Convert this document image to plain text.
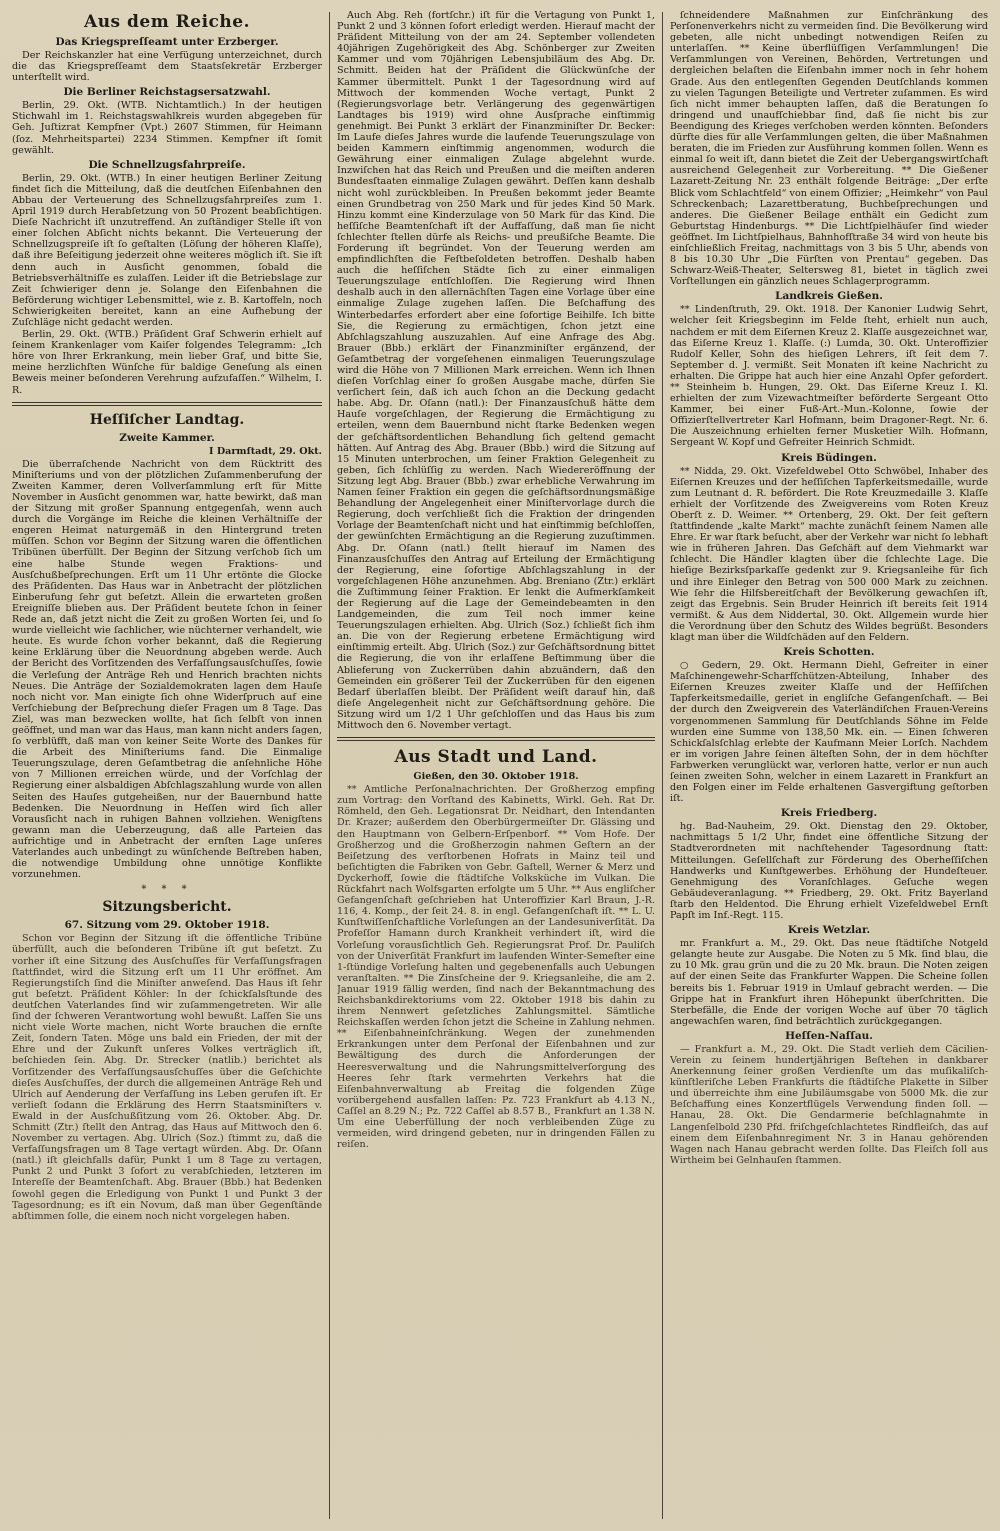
Aus dem Reiche.
Das Kriegspreſſeamt unter Erzberger.

Der Reichskanzler hat eine Verfügung unterzeichnet, durch die das Kriegspreſſeamt dem Staatsſekretär Erzberger unterſtellt wird.

Die Berliner Reichstagsersatzwahl.

Berlin, 29. Okt. (WTB. Nichtamtlich.) In der heutigen Stichwahl im 1. Reichstagswahlkreis wurden abgegeben für Geh. Juſtizrat Kempfner (Vpt.) 2607 Stimmen, für Heimann (ſoz. Mehrheitspartei) 2234 Stimmen. Kempfner iſt ſomit gewählt.

Die Schnellzugsfahrpreiſe.

Berlin, 29. Okt. (WTB.) In einer heutigen Berliner Zeitung findet ſich die Mitteilung, daß die deutſchen Eiſenbahnen den Abbau der Verteuerung des Schnellzugsfahrpreiſes zum 1. April 1919 durch Herabſetzung von 50 Prozent beabſichtigen. Dieſe Nachricht iſt unzutreffend. An zuſtändiger Stelle iſt von einer ſolchen Abſicht nichts bekannt. Die Verteuerung der Schnellzugspreiſe iſt ſo geſtalten (Löſung der höheren Klaſſe), daß ihre Beſeitigung jederzeit ohne weiteres möglich iſt. Sie iſt denn auch in Ausſicht genommen, ſobald die Betriebsverhältniſſe es zulaſſen. Leider iſt die Betriebslage zur Zeit ſchwieriger denn je. Solange den Eiſenbahnen die Beförderung wichtiger Lebensmittel, wie z. B. Kartoffeln, noch Schwierigkeiten bereitet, kann an eine Aufhebung der Zuſchläge nicht gedacht werden.

Berlin, 29. Okt. (WTB.) Präſident Graf Schwerin erhielt auf ſeinem Krankenlager vom Kaiſer folgendes Telegramm: „Ich höre von Ihrer Erkrankung, mein lieber Graf, und bitte Sie, meine herzlichſten Wünſche für baldige Geneſung als einen Beweis meiner beſonderen Verehrung aufzufaſſen.“ Wilhelm, I. R.

Heſſiſcher Landtag.
Zweite Kammer.
I Darmſtadt, 29. Okt.

Die überraſchende Nachricht von dem Rücktritt des Miniſteriums und von der plötzlichen Zuſammenberufung der Zweiten Kammer, deren Vollverſammlung erſt für Mitte November in Ausſicht genommen war, hatte bewirkt, daß man der Sitzung mit großer Spannung entgegenſah, wenn auch durch die Vorgänge im Reiche die kleinen Verhältniſſe der engeren Heimat naturgemäß in den Hintergrund treten müſſen. Schon vor Beginn der Sitzung waren die öffentlichen Tribünen überfüllt. Der Beginn der Sitzung verſchob ſich um eine halbe Stunde wegen Fraktions- und Ausſchußbeſprechungen. Erſt um 11 Uhr ertönte die Glocke des Präſidenten. Das Haus war in Anbetracht der plötzlichen Einberufung ſehr gut beſetzt. Allein die erwarteten großen Ereigniſſe blieben aus. Der Präſident beutete ſchon in ſeiner Rede an, daß jetzt nicht die Zeit zu großen Worten ſei, und ſo wurde vielleicht wie ſachlicher, wie nüchterner verhandelt, wie heute. Es wurde ſchon vorher bekannt, daß die Regierung keine Erklärung über die Neuordnung abgeben werde. Auch der Bericht des Vorſitzenden des Verfaſſungsausſchuſſes, ſowie die Verleſung der Anträge Reh und Henrich brachten nichts Neues. Die Anträge der Sozialdemokraten lagen dem Hauſe noch nicht vor. Man einigte ſich ohne Widerſpruch auf eine Verſchiebung der Beſprechung dieſer Fragen um 8 Tage. Das Ziel, was man bezwecken wollte, hat ſich ſelbſt von innen geöffnet, und man war das Haus, man kann nicht anders ſagen, ſo verblüfft, daß man von keiner Seite Worte des Dankes für die Arbeit des Miniſteriums fand. Die Einmalige Teuerungszulage, deren Geſamtbetrag die anſehnliche Höhe von 7 Millionen erreichen würde, und der Vorſchlag der Regierung einer alsbaldigen Abſchlagszahlung wurde von allen Seiten des Hauſes gutgeheißen, nur der Bauernbund hatte Bedenken. Die Neuordnung in Heſſen wird ſich aller Vorausſicht nach in ruhigen Bahnen vollziehen. Wenigſtens gewann man die Ueberzeugung, daß alle Parteien das aufrichtige und in Anbetracht der ernſten Lage unſeres Vaterlandes auch unbedingt zu wünſchende Beſtreben haben, die notwendige Umbildung ohne unnötige Konflikte vorzunehmen.

* * *
Sitzungsbericht.
67. Sitzung vom 29. Oktober 1918.

Schon vor Beginn der Sitzung iſt die öffentliche Tribüne überfüllt, auch die beſonderen Tribüne iſt gut beſetzt. Zu vorher iſt eine Sitzung des Ausſchuſſes für Verfaſſungsfragen ſtattfindet, wird die Sitzung erſt um 11 Uhr eröffnet. Am Regierungstiſch ſind die Miniſter anweſend. Das Haus iſt ſehr gut beſetzt. Präſident Köhler: In der ſchickſalsſtunde des deutſchen Vaterlandes ſind wir zuſammengetreten. Wir alle ſind der ſchweren Verantwortung wohl bewußt. Laſſen Sie uns nicht viele Worte machen, nicht Worte brauchen die ernſte Zeit, ſondern Taten. Möge uns bald ein Frieden, der mit der Ehre und der Zukunft unſeres Volkes verträglich iſt, beſchieden ſein. Abg. Dr. Strecker (natlib.) berichtet als Vorſitzender des Verfaſſungsausſchuſſes über die Geſchichte dieſes Ausſchuſſes, der durch die allgemeinen Anträge Reh und Ulrich auf Aenderung der Verfaſſung ins Leben gerufen iſt. Er verlieſt ſodann die Erklärung des Herrn Staatsminiſters v. Ewald in der Ausſchußſitzung vom 26. Oktober. Abg. Dr. Schmitt (Ztr.) ſtellt den Antrag, das Haus auf Mittwoch den 6. November zu vertagen. Abg. Ulrich (Soz.) ſtimmt zu, daß die Verfaſſungsfragen um 8 Tage vertagt würden. Abg. Dr. Oſann (natl.) iſt gleichfalls dafür, Punkt 1 um 8 Tage zu vertagen, Punkt 2 und Punkt 3 ſofort zu verabſchieden, letzteren im Intereſſe der Beamtenſchaft. Abg. Brauer (Bbb.) hat Bedenken ſowohl gegen die Erledigung von Punkt 1 und Punkt 3 der Tagesordnung; es iſt ein Novum, daß man über Gegenſtände abſtimmen ſolle, die einem noch nicht vorgelegen haben.

Auch Abg. Reh (fortſchr.) iſt für die Vertagung von Punkt 1, Punkt 2 und 3 können ſofort erledigt werden. Hierauf macht der Präſident Mitteilung von der am 24. September vollendeten 40jährigen Zugehörigkeit des Abg. Schönberger zur Zweiten Kammer und vom 70jährigen Lebensjubiläum des Abg. Dr. Schmitt. Beiden hat der Präſident die Glückwünſche der Kammer übermittelt. Punkt 1 der Tagesordnung wird auf Mittwoch der kommenden Woche vertagt, Punkt 2 (Regierungsvorlage betr. Verlängerung des gegenwärtigen Landtages bis 1919) wird ohne Ausſprache einſtimmig genehmigt. Bei Punkt 3 erklärt der Finanzminiſter Dr. Becker: Im Laufe dieſes Jahres wurde die laufende Teuerungszulage von beiden Kammern einſtimmig angenommen, wodurch die Gewährung einer einmaligen Zulage abgelehnt wurde. Inzwiſchen hat das Reich und Preußen und die meiſten anderen Bundesſtaaten einmalige Zulagen gewährt. Deſſen kann deshalb nicht wohl zurückbleiben. In Preußen bekommt jeder Beamte einen Grundbetrag von 250 Mark und für jedes Kind 50 Mark. Hinzu kommt eine Kinderzulage von 50 Mark für das Kind. Die heſſiſche Beamtenſchaft iſt der Auffaſſung, daß man ſie nicht ſchlechter ſtellen dürfe als Reichs- und preußiſche Beamte. Die Forderung iſt begründet. Von der Teuerung werden am empfindlichſten die Feſtbeſoldeten betroffen. Deshalb haben auch die heſſiſchen Städte ſich zu einer einmaligen Teuerungszulage entſchloſſen. Die Regierung wird Ihnen deshalb auch in den allernächſten Tagen eine Vorlage über eine einmalige Zulage zugehen laſſen. Die Beſchaffung des Winterbedarfes erfordert aber eine ſofortige Beihilfe. Ich bitte Sie, die Regierung zu ermächtigen, ſchon jetzt eine Abſchlagszahlung auszuzahlen. Auf eine Anfrage des Abg. Brauer (Bbb.) erklärt der Finanzminiſter ergänzend, der Geſamtbetrag der vorgeſehenen einmaligen Teuerungszulage wird die Höhe von 7 Millionen Mark erreichen. Wenn ich Ihnen dieſen Vorſchlag einer ſo großen Ausgabe mache, dürfen Sie verſichert ſein, daß ich auch ſchon an die Deckung gedacht habe. Abg. Dr. Oſann (natl.): Der Finanzausſchuß hätte dem Hauſe vorgeſchlagen, der Regierung die Ermächtigung zu erteilen, wenn dem Bauernbund nicht ſtarke Bedenken wegen der geſchäftsordentlichen Behandlung ſich geltend gemacht hätten. Auf Antrag des Abg. Brauer (Bbb.) wird die Sitzung auf 15 Minuten unterbrochen, um ſeiner Fraktion Gelegenheit zu geben, ſich ſchlüſſig zu werden. Nach Wiedereröffnung der Sitzung legt Abg. Brauer (Bbb.) zwar erhebliche Verwahrung im Namen ſeiner Fraktion ein gegen die geſchäftsordnungsmäßige Behandlung der Angelegenheit einer Miniſtervorlage durch die Regierung, doch verſchließt ſich die Fraktion der dringenden Vorlage der Beamtenſchaft nicht und hat einſtimmig beſchloſſen, der gewünſchten Ermächtigung an die Regierung zuzuſtimmen. Abg. Dr. Oſann (natl.) ſtellt hierauf im Namen des Finanzausſchuſſes den Antrag auf Erteilung der Ermächtigung der Regierung, eine ſofortige Abſchlagszahlung in der vorgeſchlagenen Höhe anzunehmen. Abg. Breniano (Ztr.) erklärt die Zuſtimmung ſeiner Fraktion. Er lenkt die Aufmerkſamkeit der Regierung auf die Lage der Gemeindebeamten in den Landgemeinden, die zum Teil noch immer keine Teuerungszulagen erhielten. Abg. Ulrich (Soz.) ſchließt ſich ihm an. Die von der Regierung erbetene Ermächtigung wird einſtimmig erteilt. Abg. Ulrich (Soz.) zur Geſchäftsordnung bittet die Regierung, die von ihr erlaſſene Beſtimmung über die Ablieferung von Zuckerrüben dahin abzuändern, daß den Gemeinden ein größerer Teil der Zuckerrüben für den eigenen Bedarf überlaſſen bleibt. Der Präſident weiſt darauf hin, daß dieſe Angelegenheit nicht zur Geſchäftsordnung gehöre. Die Sitzung wird um 1/2 1 Uhr geſchloſſen und das Haus bis zum Mittwoch den 6. November vertagt.

Aus Stadt und Land.
Gießen, den 30. Oktober 1918.

** Amtliche Perſonalnachrichten. Der Großherzog empfing zum Vortrag: den Vorſtand des Kabinetts, Wirkl. Geh. Rat Dr. Römheld, den Geh. Legationsrat Dr. Neidhart, den Intendanten Dr. Krazer; außerdem den Oberbürgermeiſter Dr. Glässing und den Hauptmann von Gelbern-Erſpenborf. ** Vom Hofe. Der Großherzog und die Großherzogin nahmen Geſtern an der Beiſetzung des verſtorbenen Hofrats in Mainz teil und beſichtigten die Fabriken von Gebr. Gaſtell, Werner & Merz und Dyckerhoff, ſowie die ſtädtiſche Volksküche im Vulkan. Die Rückfahrt nach Wolfsgarten erfolgte um 5 Uhr. ** Aus engliſcher Gefangenſchaft geſchrieben hat Unteroffizier Karl Braun, J.-R. 116, 4. Komp., der ſeit 24. 8. in engl. Gefangenſchaft iſt. ** L. U. Kunſtwiſſenſchaftliche Vorleſungen an der Landesuniverſität. Da Profeſſor Hamann durch Krankheit verhindert iſt, wird die Vorleſung vorausſichtlich Geh. Regierungsrat Prof. Dr. Pauliſch von der Univerſität Frankfurt im laufenden Winter-Semeſter eine 1-ſtündige Vorleſung halten und gegebenenfalls auch Uebungen veranſtalten. ** Die Zinsſcheine der 9. Kriegsanleihe, die am 2. Januar 1919 fällig werden, ſind nach der Bekanntmachung des Reichsbankdirektoriums vom 22. Oktober 1918 bis dahin zu ihrem Nennwert geſetzliches Zahlungsmittel. Sämtliche Reichskaſſen werden ſchon jetzt die Scheine in Zahlung nehmen. ** Eiſenbahneinſchränkung. Wegen der zunehmenden Erkrankungen unter dem Perſonal der Eiſenbahnen und zur Bewältigung des durch die Anforderungen der Heeresverwaltung und die Nahrungsmittelverſorgung des Heeres ſehr ſtark vermehrten Verkehrs hat die Eiſenbahnverwaltung ab Freitag die folgenden Züge vorübergehend ausfallen laſſen: Pz. 723 Frankfurt ab 4.13 N., Caſſel an 8.29 N.; Pz. 722 Caſſel ab 8.57 B., Frankfurt an 1.38 N. Um eine Ueberfüllung der noch verbleibenden Züge zu vermeiden, wird dringend gebeten, nur in dringenden Fällen zu reiſen.

ſchneidendere Maßnahmen zur Einſchränkung des Perſonenverkehrs nicht zu vermeiden ſind. Die Bevölkerung wird gebeten, alle nicht unbedingt notwendigen Reiſen zu unterlaſſen. ** Keine überflüſſigen Verſammlungen! Die Verſammlungen von Vereinen, Behörden, Vertretungen und dergleichen belaſten die Eiſenbahn immer noch in ſehr hohem Grade. Aus den entlegenſten Gegenden Deutſchlands kommen zu vielen Tagungen Beteiligte und Vertreter zuſammen. Es wird ſich nicht immer behaupten laſſen, daß die Beratungen ſo dringend und unaufſchiebbar ſind, daß ſie nicht bis zur Beendigung des Krieges verſchoben werden könnten. Beſonders dürfte dies für alle Verſammlungen gelten, die über Maßnahmen beraten, die im Frieden zur Ausführung kommen ſollen. Wenn es einmal ſo weit iſt, dann bietet die Zeit der Uebergangswirtſchaft ausreichend Gelegenheit zur Vorbereitung. ** Die Gießener Lazarett-Zeitung Nr. 23 enthält folgende Beiträge: „Der erſte Blick vom Schlachtfeld“ von einem Offizier; „Heimkehr“ von Paul Schreckenbach; Lazarettberatung, Buchbeſprechungen und anderes. Die Gießener Beilage enthält ein Gedicht zum Geburtstag Hindenburgs. ** Die Lichtſpielhäuſer ſind wieder geöffnet. Im Lichtſpielhaus, Bahnhofſtraße 34 wird von heute bis einſchließlich Freitag, nachmittags von 3 bis 5 Uhr, abends von 8 bis 10.30 Uhr „Die Fürſten von Prentau“ gegeben. Das Schwarz-Weiß-Theater, Seltersweg 81, bietet in täglich zwei Vorſtellungen ein gänzlich neues Schlagerprogramm.

Landkreis Gießen.

** Lindenſtruth, 29. Okt. 1918. Der Kanonier Ludwig Sehrt, welcher ſeit Kriegsbeginn im Felde ſteht, erhielt nun auch, nachdem er mit dem Eiſernen Kreuz 2. Klaſſe ausgezeichnet war, das Eiſerne Kreuz 1. Klaſſe. (:) Lumda, 30. Okt. Unteroffizier Rudolf Keller, Sohn des hieſigen Lehrers, iſt ſeit dem 7. September d. J. vermißt. Seit Monaten iſt keine Nachricht zu erhalten. Die Grippe hat auch hier eine Anzahl Opfer gefordert. ** Steinheim b. Hungen, 29. Okt. Das Eiſerne Kreuz I. Kl. erhielten der zum Vizewachtmeiſter beförderte Sergeant Otto Kammer, bei einer Fuß-Art.-Mun.-Kolonne, ſowie der Offizierſtellvertreter Karl Hofmann, beim Dragoner-Regt. Nr. 6. Die Auszeichnung erhielten ferner Musketier Wilh. Hofmann, Sergeant W. Kopf und Gefreiter Heinrich Schmidt.

Kreis Büdingen.

** Nidda, 29. Okt. Vizefeldwebel Otto Schwöbel, Inhaber des Eiſernen Kreuzes und der heſſiſchen Tapferkeitsmedaille, wurde zum Leutnant d. R. befördert. Die Rote Kreuzmedaille 3. Klaſſe erhielt der Vorſitzende des Zweigvereins vom Roten Kreuz Oberſt z. D. Weimer. ** Ortenberg, 29. Okt. Der ſeit geſtern ſtattfindende „kalte Markt“ machte zunächſt ſeinem Namen alle Ehre. Er war ſtark beſucht, aber der Verkehr war nicht ſo lebhaft wie in früheren Jahren. Das Geſchäft auf dem Viehmarkt war ſchlecht. Die Händler klagten über die ſchlechte Lage. Die hieſige Bezirksſparkaſſe gedenkt zur 9. Kriegsanleihe für ſich und ihre Einleger den Betrag von 500 000 Mark zu zeichnen. Wie ſehr die Hilfsbereitſchaft der Bevölkerung gewachſen iſt, zeigt das Ergebnis. Sein Bruder Heinrich iſt bereits ſeit 1914 vermißt. & Aus dem Niddertal, 30. Okt. Allgemein wurde hier die Verordnung über den Schutz des Wildes begrüßt. Besonders klagt man über die Wildſchäden auf den Feldern.

Kreis Schotten.

○ Gedern, 29. Okt. Hermann Diehl, Gefreiter in einer Maſchinengewehr-Scharfſchützen-Abteilung, Inhaber des Eiſernen Kreuzes zweiter Klaſſe und der Heſſiſchen Tapferkeitsmedaille, geriet in engliſche Gefangenſchaft. — Bei der durch den Zweigverein des Vaterländiſchen Frauen-Vereins vorgenommenen Sammlung für Deutſchlands Söhne im Felde wurden eine Summe von 138,50 Mk. ein. — Einen ſchweren Schickſalsſchlag erlebte der Kaufmann Meier Lorſch. Nachdem er im vorigen Jahre ſeinen älteſten Sohn, der in dem höchſter Farbwerken verunglückt war, verloren hatte, verlor er nun auch ſeinen zweiten Sohn, welcher in einem Lazarett in Frankfurt an den Folgen einer im Felde erhaltenen Gasvergiftung geſtorben iſt.

Kreis Friedberg.

hg. Bad-Nauheim, 29. Okt. Dienstag den 29. Oktober, nachmittags 5 1/2 Uhr, findet eine öffentliche Sitzung der Stadtverordneten mit nachſtehender Tagesordnung ſtatt: Mitteilungen. Geſellſchaft zur Förderung des Oberheſſiſchen Handwerks und Kunſtgewerbes. Erhöhung der Hundeſteuer. Genehmigung des Voranſchlages. Geſuche wegen Gebäudeveranlagung. ** Friedberg, 29. Okt. Fritz Bayerland ſtarb den Heldentod. Die Ehrung erhielt Vizefeldwebel Ernſt Papſt im Inf.-Regt. 115.

Kreis Wetzlar.

mr. Frankfurt a. M., 29. Okt. Das neue ſtädtiſche Notgeld gelangte heute zur Ausgabe. Die Noten zu 5 Mk. ſind blau, die zu 10 Mk. grau grün und die zu 20 Mk. braun. Die Noten zeigen auf der einen Seite das Frankfurter Wappen. Die Scheine ſollen bereits bis 1. Februar 1919 in Umlauf gebracht werden. — Die Grippe hat in Frankfurt ihren Höhepunkt überſchritten. Die Sterbefälle, die Ende der vorigen Woche auf über 70 täglich angewachſen waren, ſind beträchtlich zurückgegangen.

Heſſen-Naſſau.

— Frankfurt a. M., 29. Okt. Die Stadt verlieh dem Cäcilien-Verein zu ſeinem hundertjährigen Beſtehen in dankbarer Anerkennung ſeiner großen Verdienſte um das muſikaliſch-künſtleriſche Leben Frankfurts die ſtädtiſche Plakette in Silber und überreichte ihm eine Jubiläumsgabe von 5000 Mk. die zur Beſchaffung eines Konzertflügels Verwendung finden ſoll. — Hanau, 28. Okt. Die Gendarmerie beſchlagnahmte in Langenſelbold 230 Pfd. friſchgeſchlachtetes Rindfleiſch, das auf einem dem Eiſenbahnregiment Nr. 3 in Hanau gehörenden Wagen nach Hanau gebracht werden ſollte. Das Fleiſch ſoll aus Wirtheim bei Gelnhauſen ſtammen.
